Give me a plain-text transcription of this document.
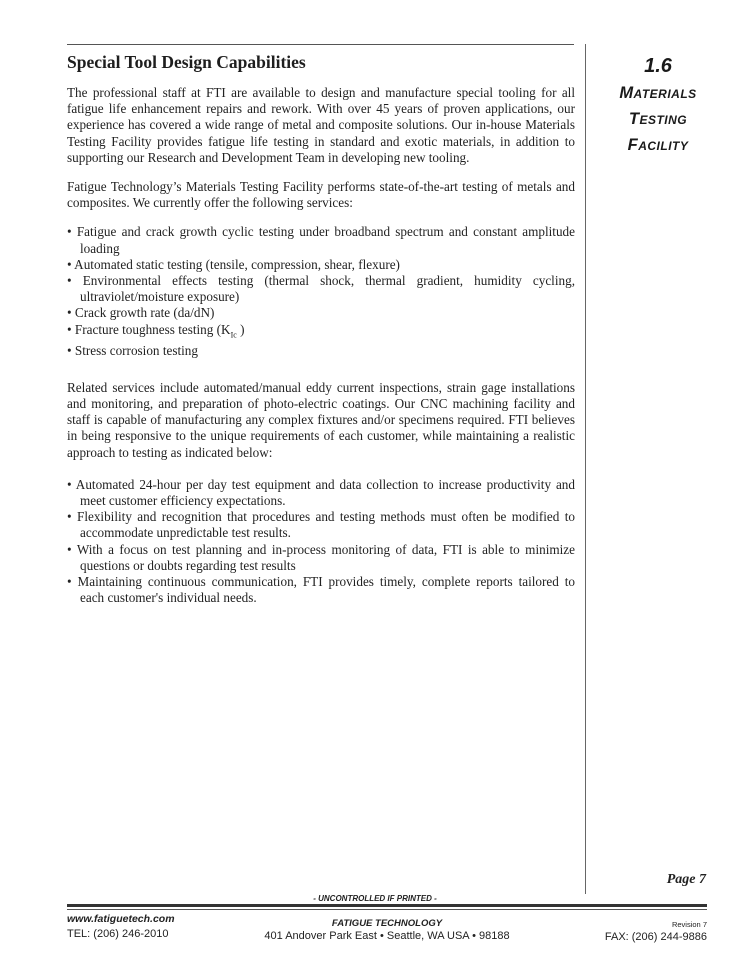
Special Tool Design Capabilities

The professional staff at FTI are available to design and manufacture special tooling for all fatigue life enhancement repairs and rework. With over 45 years of proven applications, our experience has covered a wide range of metal and composite solutions. Our in-house Materials Testing Facility provides fatigue life testing in standard and exotic materials, in addition to supporting our Research and Development Team in developing new tooling.

Fatigue Technology’s Materials Testing Facility performs state-of-the-art testing of metals and composites. We currently offer the following services:

• Fatigue and crack growth cyclic testing under broadband spectrum and constant amplitude loading
• Automated static testing (tensile, compression, shear, flexure)
• Environmental effects testing (thermal shock, thermal gradient, humidity cycling, ultraviolet/moisture exposure)
• Crack growth rate (da/dN)
• Fracture toughness testing ($K_{Ic}$ )
• Stress corrosion testing

Related services include automated/manual eddy current inspections, strain gage installations and monitoring, and preparation of photo-electric coatings. Our CNC machining facility and staff is capable of manufacturing any complex fixtures and/or specimens required. FTI believes in being responsive to the unique requirements of each customer, while maintaining a realistic approach to testing as indicated below:

• Automated 24-hour per day test equipment and data collection to increase productivity and meet customer efficiency expectations.
• Flexibility and recognition that procedures and testing methods must often be modified to accommodate unpredictable test results.
• With a focus on test planning and in-process monitoring of data, FTI is able to minimize questions or doubts regarding test results
• Maintaining continuous communication, FTI provides timely, complete reports tailored to each customer's individual needs.
1.6
Materials
Testing
Facility
Page 7
- UNCONTROLLED IF PRINTED -
www.fatiguetech.com
TEL: (206) 246-2010
FATIGUE TECHNOLOGY
401 Andover Park East • Seattle, WA USA • 98188
Revision 7
FAX: (206) 244-9886
